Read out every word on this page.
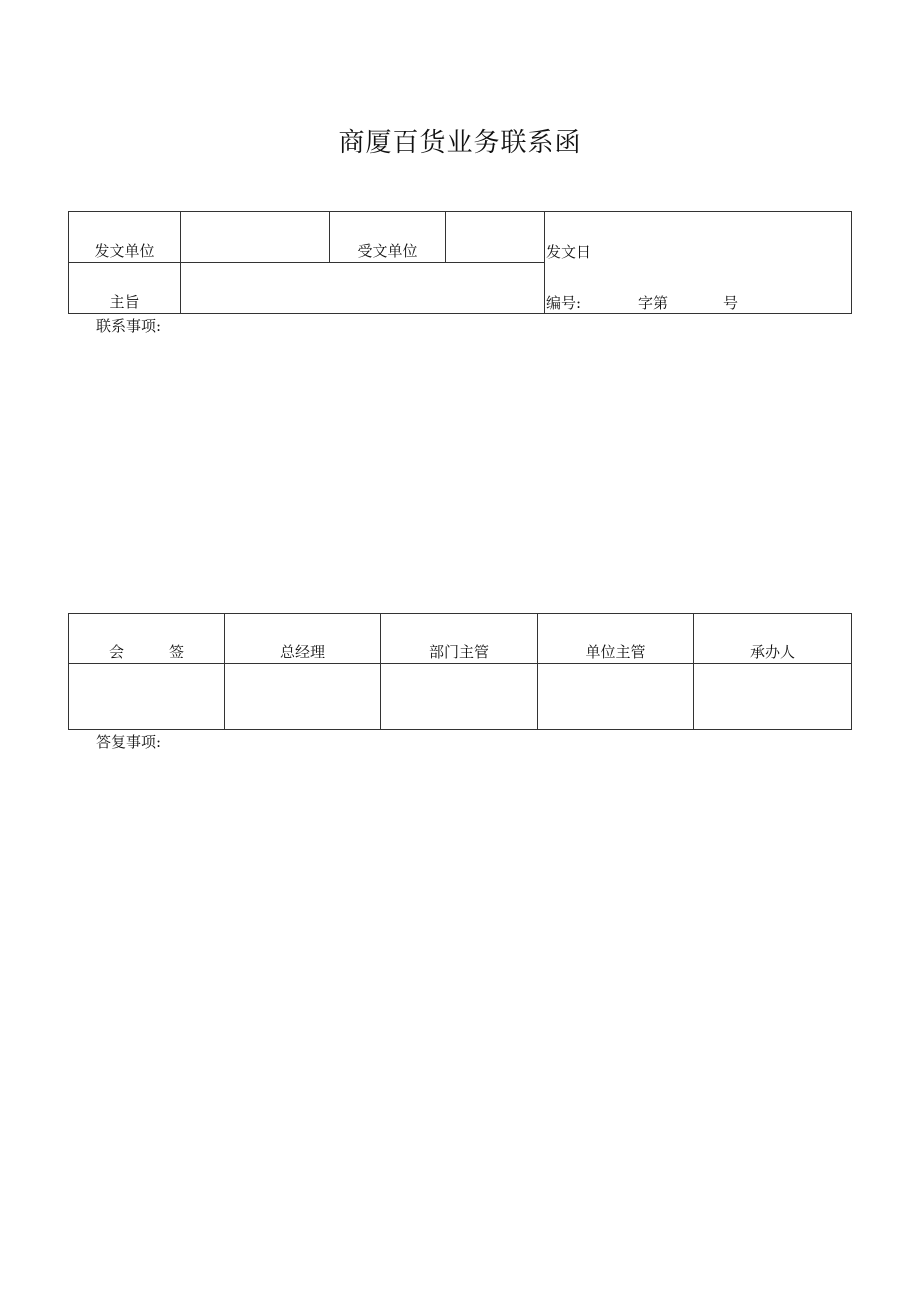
商厦百货业务联系函
发文单位	受文单位	发文日
主旨	编号:	字第	号
联系事项:
会　　　签	总经理	部门主管	单位主管	承办人
答复事项:
